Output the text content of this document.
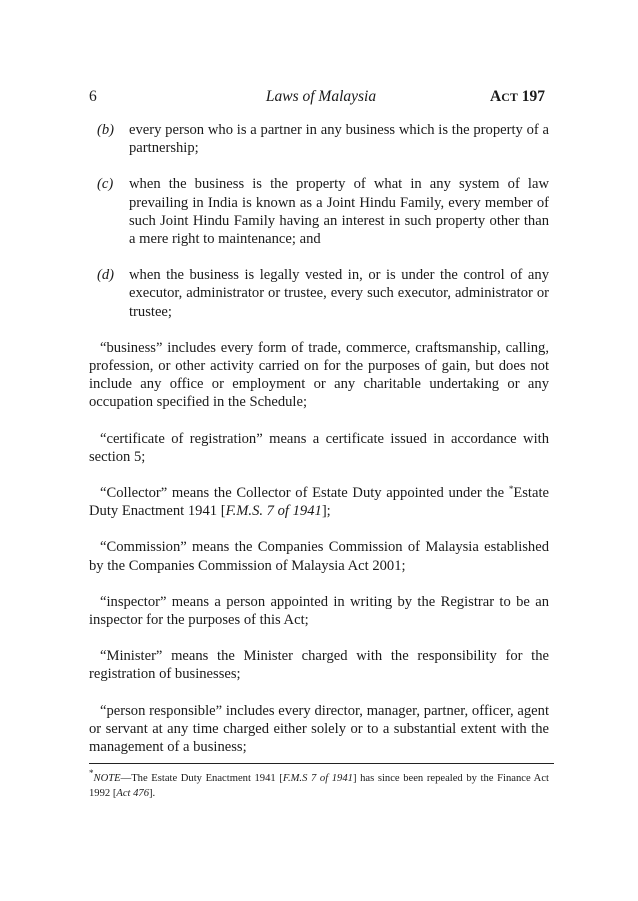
6	Laws of Malaysia	ACT 197
(b) every person who is a partner in any business which is the property of a partnership;
(c) when the business is the property of what in any system of law prevailing in India is known as a Joint Hindu Family, every member of such Joint Hindu Family having an interest in such property other than a mere right to maintenance; and
(d) when the business is legally vested in, or is under the control of any executor, administrator or trustee, every such executor, administrator or trustee;

“business” includes every form of trade, commerce, craftsmanship, calling, profession, or other activity carried on for the purposes of gain, but does not include any office or employment or any charitable undertaking or any occupation specified in the Schedule;

“certificate of registration” means a certificate issued in accordance with section 5;

“Collector” means the Collector of Estate Duty appointed under the *Estate Duty Enactment 1941 [F.M.S. 7 of 1941];

“Commission” means the Companies Commission of Malaysia established by the Companies Commission of Malaysia Act 2001;

“inspector” means a person appointed in writing by the Registrar to be an inspector for the purposes of this Act;

“Minister” means the Minister charged with the responsibility for the registration of businesses;

“person responsible” includes every director, manager, partner, officer, agent or servant at any time charged either solely or to a substantial extent with the management of a business;

*NOTE—The Estate Duty Enactment 1941 [F.M.S 7 of 1941] has since been repealed by the Finance Act 1992 [Act 476].
